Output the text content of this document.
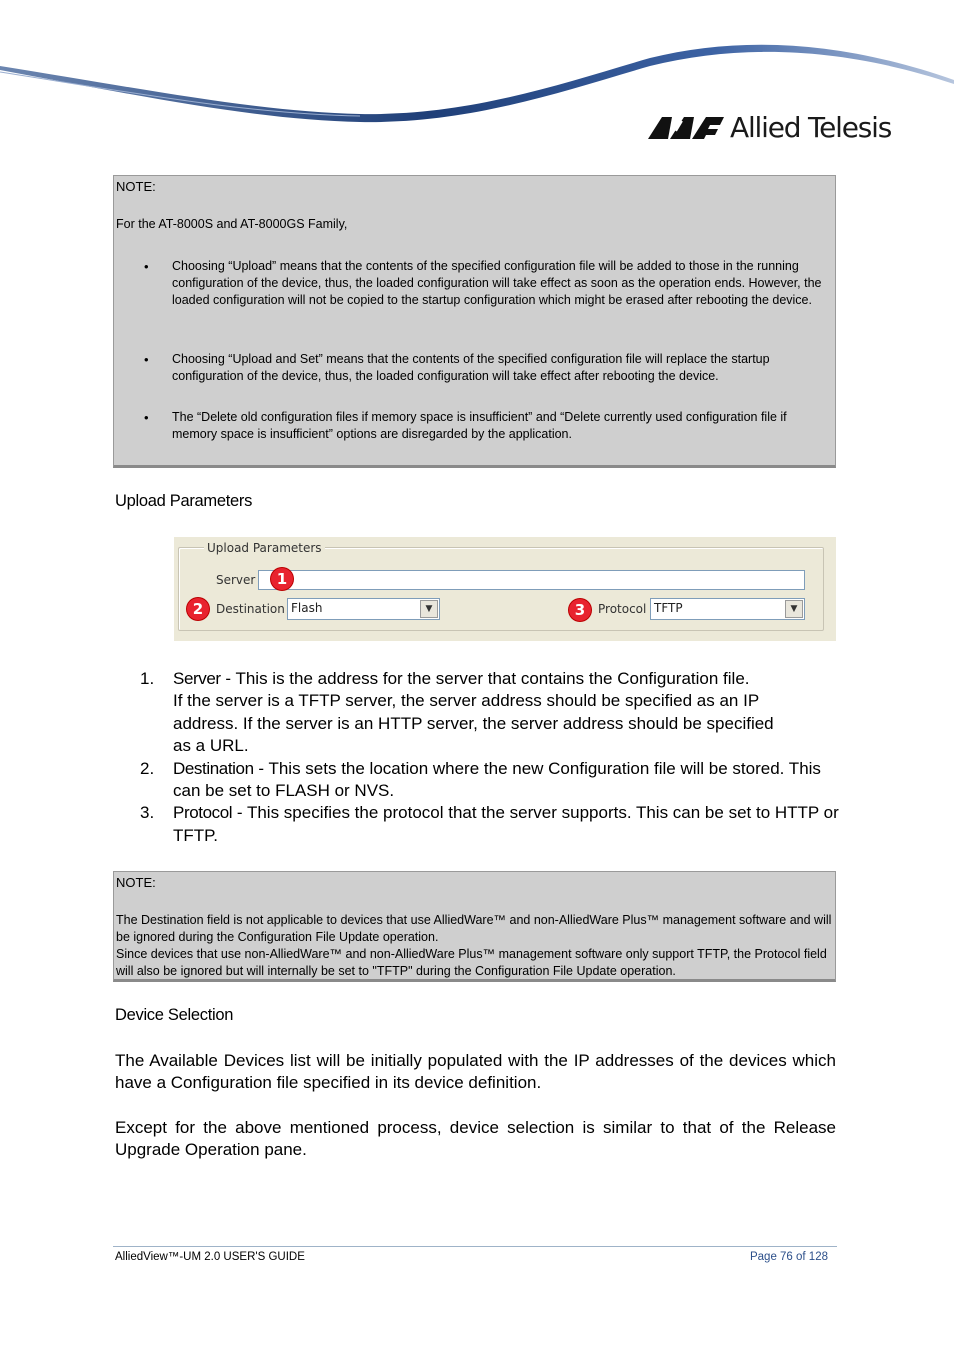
Allied Telesis
NOTE:

For the AT-8000S and AT-8000GS Family,

• Choosing “Upload” means that the contents of the specified configuration file will be added to those in the running configuration of the device, thus, the loaded configuration will take effect as soon as the operation ends. However, the loaded configuration will not be copied to the startup configuration which might be erased after rebooting the device.
• Choosing “Upload and Set” means that the contents of the specified configuration file will replace the startup configuration of the device, thus, the loaded configuration will take effect after rebooting the device.
• The “Delete old configuration files if memory space is insufficient” and “Delete currently used configuration file if memory space is insufficient” options are disregarded by the application.
Upload Parameters
Upload Parameters
Server	1
2	Destination Flash	▼	3	Protocol TFTP	▼
1. Server - This is the address for the server that contains the Configuration file.
If the server is a TFTP server, the server address should be specified as an IP address. If the server is an HTTP server, the server address should be specified as a URL.
2. Destination - This sets the location where the new Configuration file will be stored. This can be set to FLASH or NVS.
3. Protocol - This specifies the protocol that the server supports. This can be set to HTTP or TFTP.
NOTE:

The Destination field is not applicable to devices that use AlliedWare™ and non-AlliedWare Plus™ management software and will be ignored during the Configuration File Update operation.

Since devices that use non-AlliedWare™ and non-AlliedWare Plus™ management software only support TFTP, the Protocol field will also be ignored but will internally be set to "TFTP" during the Configuration File Update operation.

Device Selection
The Available Devices list will be initially populated with the IP addresses of the devices which have a Configuration file specified in its device definition.
Except for the above mentioned process, device selection is similar to that of the Release Upgrade Operation pane.
AlliedView™-UM 2.0 USER'S GUIDE	Page 76 of 128
